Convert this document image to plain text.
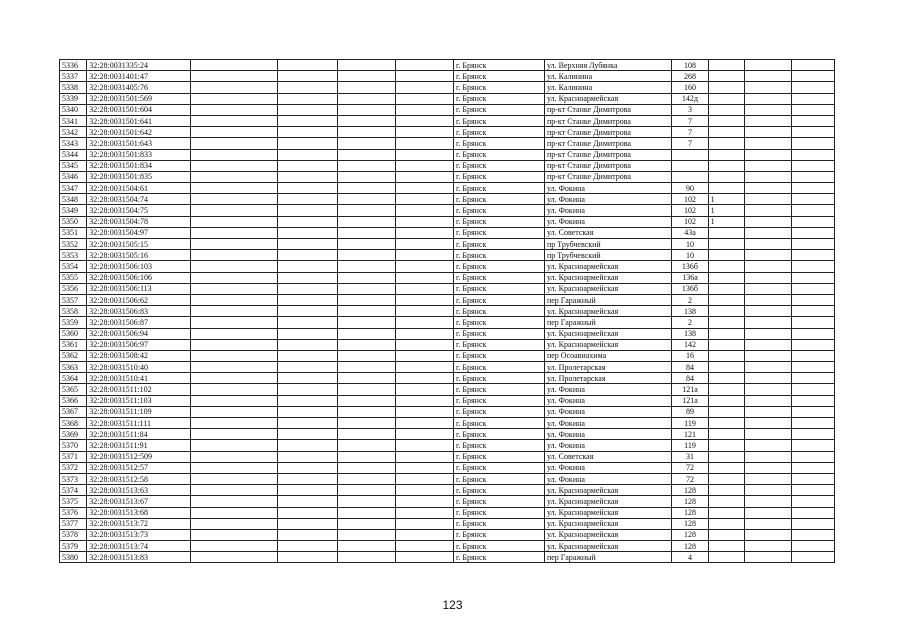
5336	32:28:0031335:24					г. Брянск	ул. Верхняя Лубянка	108			
5337	32:28:0031401:47					г. Брянск	ул. Калинина	268			
5338	32:28:0031405:76					г. Брянск	ул. Калинина	160			
5339	32:28:0031501:569					г. Брянск	ул. Красноармейская	142д			
5340	32:28:0031501:604					г. Брянск	пр-кт Станке Димитрова	3			
5341	32:28:0031501:641					г. Брянск	пр-кт Станке Димитрова	7			
5342	32:28:0031501:642					г. Брянск	пр-кт Станке Димитрова	7			
5343	32:28:0031501:643					г. Брянск	пр-кт Станке Димитрова	7			
5344	32:28:0031501:833					г. Брянск	пр-кт Станке Димитрова				
5345	32:28:0031501:834					г. Брянск	пр-кт Станке Димитрова				
5346	32:28:0031501:835					г. Брянск	пр-кт Станке Димитрова				
5347	32:28:0031504:61					г. Брянск	ул. Фокина	90			
5348	32:28:0031504:74					г. Брянск	ул. Фокина	102	1		
5349	32:28:0031504:75					г. Брянск	ул. Фокина	102	1		
5350	32:28:0031504:78					г. Брянск	ул. Фокина	102	1		
5351	32:28:0031504:97					г. Брянск	ул. Советская	43а			
5352	32:28:0031505:15					г. Брянск	пр Трубчевский	10			
5353	32:28:0031505:16					г. Брянск	пр Трубчевский	10			
5354	32:28:0031506:103					г. Брянск	ул. Красноармейская	136б			
5355	32:28:0031506:106					г. Брянск	ул. Красноармейская	136а			
5356	32:28:0031506:113					г. Брянск	ул. Красноармейская	136б			
5357	32:28:0031506:62					г. Брянск	пер Гаражный	2			
5358	32:28:0031506:83					г. Брянск	ул. Красноармейская	138			
5359	32:28:0031506:87					г. Брянск	пер Гаражный	2			
5360	32:28:0031506:94					г. Брянск	ул. Красноармейская	138			
5361	32:28:0031506:97					г. Брянск	ул. Красноармейская	142			
5362	32:28:0031508:42					г. Брянск	пер Осоавиахима	16			
5363	32:28:0031510:40					г. Брянск	ул. Пролетарская	84			
5364	32:28:0031510:41					г. Брянск	ул. Пролетарская	84			
5365	32:28:0031511:102					г. Брянск	ул. Фокина	121а			
5366	32:28:0031511:103					г. Брянск	ул. Фокина	121а			
5367	32:28:0031511:109					г. Брянск	ул. Фокина	89			
5368	32:28:0031511:111					г. Брянск	ул. Фокина	119			
5369	32:28:0031511:84					г. Брянск	ул. Фокина	121			
5370	32:28:0031511:91					г. Брянск	ул. Фокина	119			
5371	32:28:0031512:509					г. Брянск	ул. Советская	31			
5372	32:28:0031512:57					г. Брянск	ул. Фокина	72			
5373	32:28:0031512:58					г. Брянск	ул. Фокина	72			
5374	32:28:0031513:63					г. Брянск	ул. Красноармейская	128			
5375	32:28:0031513:67					г. Брянск	ул. Красноармейская	128			
5376	32:28:0031513:68					г. Брянск	ул. Красноармейская	128			
5377	32:28:0031513:72					г. Брянск	ул. Красноармейская	128			
5378	32:28:0031513:73					г. Брянск	ул. Красноармейская	128			
5379	32:28:0031513:74					г. Брянск	ул. Красноармейская	128			
5380	32:28:0031513:83					г. Брянск	пер Гаражный	4			
123
